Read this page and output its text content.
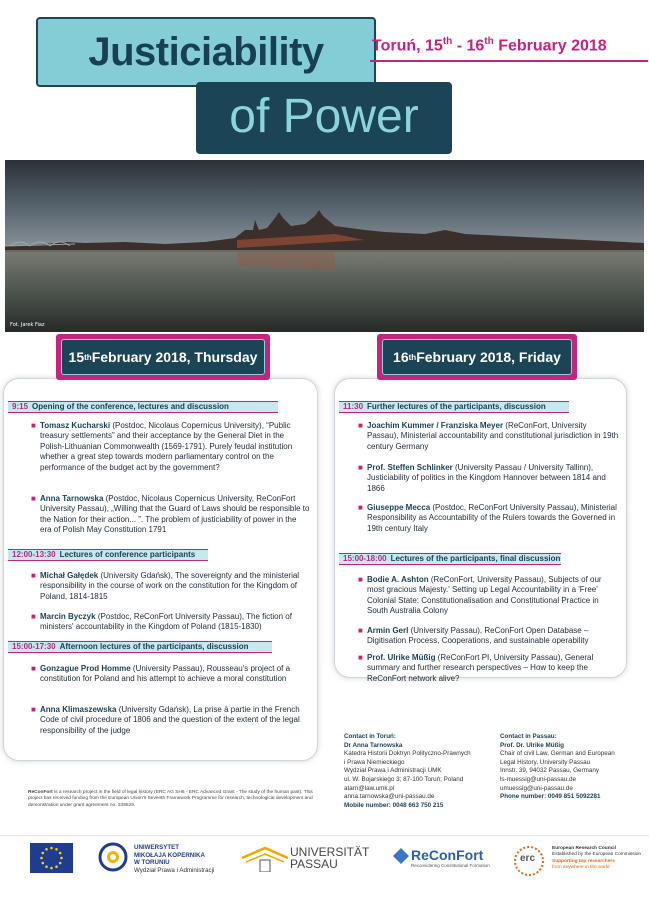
Justiciability	Toruń, 15th - 16th February 2018
of Power
Fot. Jarek Fiaz
9:15 Opening of the conference, lectures and discussion
■ Tomasz Kucharski (Postdoc, Nicolaus Copernicus University), “Public treasury settlements” and their acceptance by the General Diet in the Polish-Lithuanian Commonwealth (1569-1791). Purely feudal institution whether a great step towards modern parliamentary control on the performance of the budget act by the government?
■ Anna Tarnowska (Postdoc, Nicolaus Copernicus University, ReConFort University Passau), „Willing that the Guard of Laws should be responsible to the Nation for their action... ”. The problem of justiciability of power in the era of Polish May Constitution 1791
12:00-13:30 Lectures of conference participants
■ Michał Gałędek (University Gdańsk), The sovereignty and the ministerial responsibility in the course of work on the constitution for the Kingdom of Poland, 1814-1815
■ Marcin Byczyk (Postdoc, ReConFort University Passau), The fiction of ministers' accountability in the Kingdom of Poland (1815-1830)
15:00-17:30 Afternoon lectures of the participants, discussion
■ Gonzague Prod Homme (University Passau), Rousseau's project of a constitution for Poland and his attempt to achieve a moral constitution
■ Anna Klimaszewska (University Gdańsk), La prise à partie in the French Code of civil procedure of 1806 and the question of the extent of the legal responsibility of the judge
11:30 Further lectures of the participants, discussion
■ Joachim Kummer / Franziska Meyer (ReConFort, University Passau), Ministerial accountability and constitutional jurisdiction in 19th century Germany
■ Prof. Steffen Schlinker (University Passau / University Tallinn), Justiciability of politics in the Kingdom Hannover between 1814 and 1866
■ Giuseppe Mecca (Postdoc, ReConFort University Passau), Ministerial Responsibility as Accountability of the Rulers towards the Governed in 19th century Italy
15:00-18:00 Lectures of the participants, final discussion
■ Bodie A. Ashton (ReConFort, University Passau), Subjects of our most gracious Majesty.' Setting up Legal Accountability in a 'Free' Colonial State: Constitutionalisation and Constitutional Practice in South Australia Colony
■ Armin Gerl (University Passau), ReConFort Open Database – Digitisation Process, Cooperations, and sustainable operability
■ Prof. Ulrike Müßig (ReConFort PI, University Passau), General summary and further research perspectives – How to keep the ReConFort network alive?
15 th February 2018, Thursday	16 th February 2018, Friday
Contact in Toruń:
Dr Anna Tarnowska
Katedra Historii Doktryn Polityczno-Prawnych
i Prawa Niemieckiego
Wydział Prawa i Administracji UMK
ul. W. Bojarskiego 3; 87-100 Toruń; Poland
atarn@law.umk.pl
anna.tarnowska@uni-passau.de
Mobile number: 0048 663 750 215
Contact in Passau:
Prof. Dr. Ulrike Müßig
Chair of civil Law, German and European
Legal History, University Passau
Innstr. 39, 94032 Passau, Germany
ls-muessig@uni-passau.de
umuessig@uni-passau.de
Phone number: 0049 851 5092281
ReConFort is a research project in the field of legal history (ERC AG SH6 - ERC Advanced Grant - The study of the human past). This project has received funding from the European Union's Seventh Framework Programme for research, technological development and demonstration under grant agreement no. 339529.
UNIWERSYTET
MIKOŁAJA KOPERNIKA
W TORUNIU
Wydział Prawa i Administracji
UNIVERSITÄT
PASSAU
ReConFort
Reconsidering Constitutional Formation
erc
European Research Council
Established by the European Commission
Supporting top researchers
from anywhere in the world
